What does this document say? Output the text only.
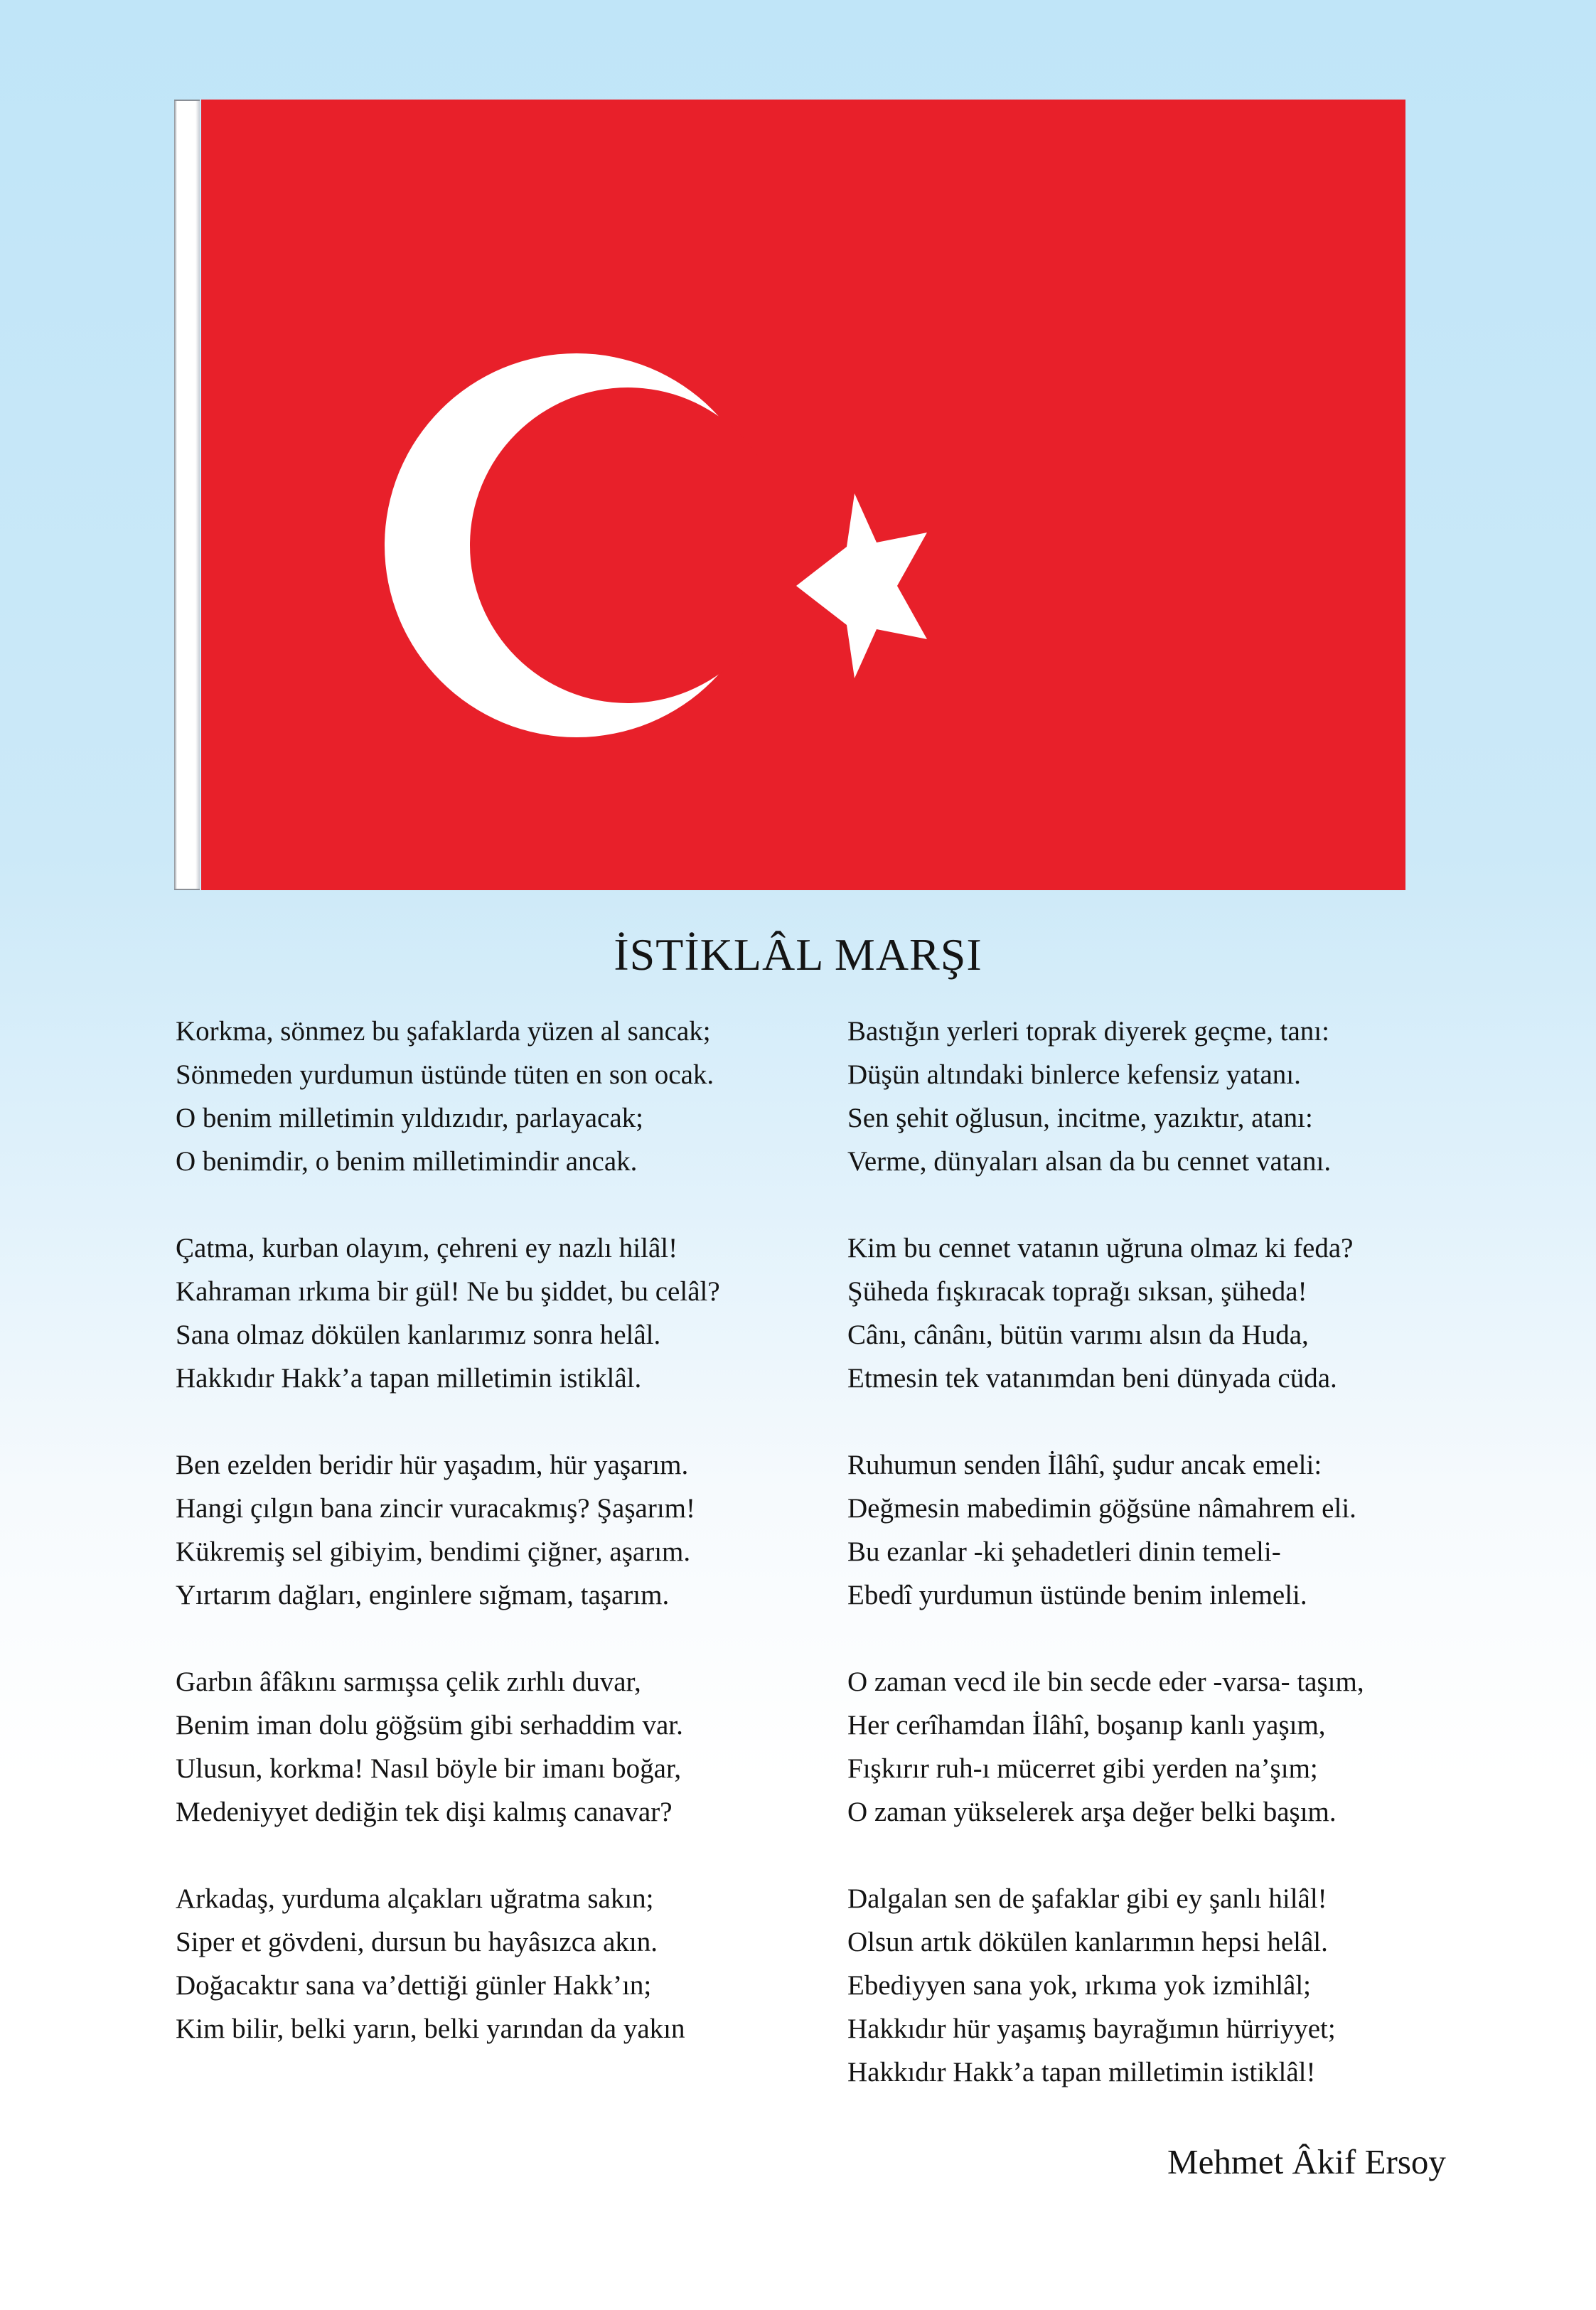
İSTİKLÂL MARŞI
Korkma, sönmez bu şafaklarda yüzen al sancak;
Sönmeden yurdumun üstünde tüten en son ocak.
O benim milletimin yıldızıdır, parlayacak;
O benimdir, o benim milletimindir ancak.
Çatma, kurban olayım, çehreni ey nazlı hilâl!
Kahraman ırkıma bir gül! Ne bu şiddet, bu celâl?
Sana olmaz dökülen kanlarımız sonra helâl.
Hakkıdır Hakk’a tapan milletimin istiklâl.
Ben ezelden beridir hür yaşadım, hür yaşarım.
Hangi çılgın bana zincir vuracakmış? Şaşarım!
Kükremiş sel gibiyim, bendimi çiğner, aşarım.
Yırtarım dağları, enginlere sığmam, taşarım.
Garbın âfâkını sarmışsa çelik zırhlı duvar,
Benim iman dolu göğsüm gibi serhaddim var.
Ulusun, korkma! Nasıl böyle bir imanı boğar,
Medeniyyet dediğin tek dişi kalmış canavar?
Arkadaş, yurduma alçakları uğratma sakın;
Siper et gövdeni, dursun bu hayâsızca akın.
Doğacaktır sana va’dettiği günler Hakk’ın;
Kim bilir, belki yarın, belki yarından da yakın
Bastığın yerleri toprak diyerek geçme, tanı:
Düşün altındaki binlerce kefensiz yatanı.
Sen şehit oğlusun, incitme, yazıktır, atanı:
Verme, dünyaları alsan da bu cennet vatanı.
Kim bu cennet vatanın uğruna olmaz ki feda?
Şüheda fışkıracak toprağı sıksan, şüheda!
Cânı, cânânı, bütün varımı alsın da Huda,
Etmesin tek vatanımdan beni dünyada cüda.
Ruhumun senden İlâhî, şudur ancak emeli:
Değmesin mabedimin göğsüne nâmahrem eli.
Bu ezanlar -ki şehadetleri dinin temeli-
Ebedî yurdumun üstünde benim inlemeli.
O zaman vecd ile bin secde eder -varsa- taşım,
Her cerîhamdan İlâhî, boşanıp kanlı yaşım,
Fışkırır ruh-ı mücerret gibi yerden na’şım;
O zaman yükselerek arşa değer belki başım.
Dalgalan sen de şafaklar gibi ey şanlı hilâl!
Olsun artık dökülen kanlarımın hepsi helâl.
Ebediyyen sana yok, ırkıma yok izmihlâl;
Hakkıdır hür yaşamış bayrağımın hürriyyet;
Hakkıdır Hakk’a tapan milletimin istiklâl!
Mehmet Âkif Ersoy
